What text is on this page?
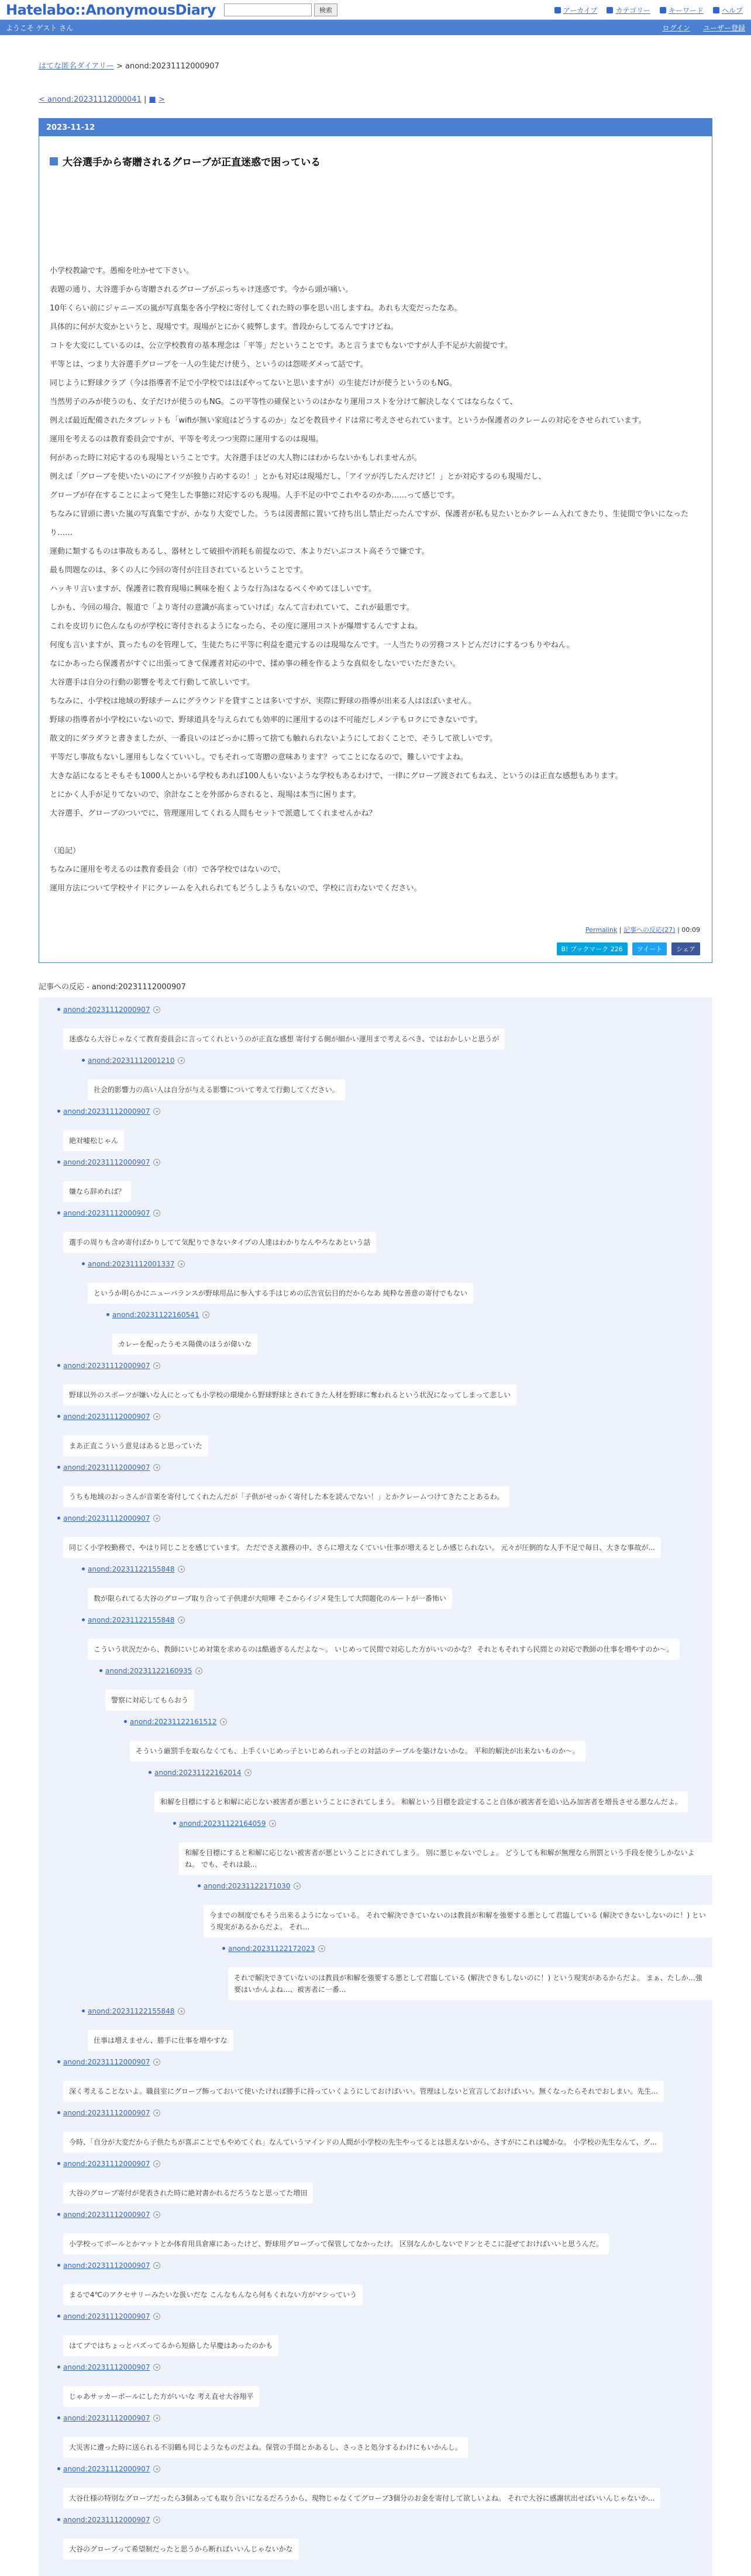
Hatelabo::AnonymousDiary	検索	アーカイブ	カテゴリー	キーワード	ヘルプ
ようこそ ゲスト さん	ログイン ユーザー登録
はてな匿名ダイアリー > anond:20231112000907
< anond:20231112000041 | ■ >
2023-11-12
大谷選手から寄贈されるグローブが正直迷惑で困っている

小学校教諭です。愚痴を吐かせて下さい。

表題の通り、大谷選手から寄贈されるグローブがぶっちゃけ迷惑です。今から頭が痛い。

10年くらい前にジャニーズの嵐が写真集を各小学校に寄付してくれた時の事を思い出しますね。あれも大変だったなあ。

具体的に何が大変かというと、現場です。現場がとにかく疲弊します。普段からしてるんですけどね。

コトを大変にしているのは、公立学校教育の基本理念は「平等」だということです。あと言うまでもないですが人手不足が大前提です。

平等とは、つまり大谷選手グローブを一人の生徒だけ使う、というのは怨嗟ダメって話です。

同じように野球クラブ（今は指導者不足で小学校ではほぼやってないと思いますが）の生徒だけが使うというのもNG。

当然男子のみが使うのも、女子だけが使うのもNG。この平等性の確保というのはかなり運用コストを分けて解決しなくてはならなくて、

例えば最近配備されたタブレットも「wifiが無い家庭はどうするのか」などを教員サイドは常に考えさせられています。というか保護者のクレームの対応をさせられています。

運用を考えるのは教育委員会ですが、平等を考えつつ実際に運用するのは現場。

何があった時に対応するのも現場ということです。大谷選手ほどの大人物にはわからないかもしれませんが。

例えば「グローブを使いたいのにアイツが独り占めするの！」とかも対応は現場だし、「アイツが汚したんだけど！」とか対応するのも現場だし、

グローブが存在することによって発生した事態に対応するのも現場。人手不足の中でこれやるのかあ……って感じです。

ちなみに冒頭に書いた嵐の写真集ですが、かなり大変でした。うちは図書館に置いて持ち出し禁止だったんですが、保護者が私も見たいとかクレーム入れてきたり、生徒間で争いになったり……

運動に類するものは事故もあるし、器材として破損や消耗も前提なので、本よりだいぶコスト高そうで嫌です。

最も問題なのは、多くの人に今回の寄付が注目されているということです。

ハッキリ言いますが、保護者に教育現場に興味を抱くような行為はなるべくやめてほしいです。

しかも、今回の場合、報道で「より寄付の意識が高まっていけば」なんて言われていて、これが最悪です。

これを皮切りに色んなものが学校に寄付されるようになったら、その度に運用コストが爆増するんですよね。

何度も言いますが、貰ったものを管理して、生徒たちに平等に利益を還元するのは現場なんです。一人当たりの労務コストどんだけにするつもりやねん。

なにかあったら保護者がすぐに出張ってきて保護者対応の中で、揉め事の種を作るような真似をしないでいただきたい。

大谷選手は自分の行動の影響を考えて行動して欲しいです。

ちなみに、小学校は地域の野球チームにグラウンドを貸すことは多いですが、実際に野球の指導が出来る人はほぼいません。

野球の指導者が小学校にいないので、野球道具を与えられても効率的に運用するのは不可能だしメンテもロクにできないです。

散文的にダラダラと書きましたが、一番良いのはどっかに勝って捨ても触れられないようにしておくことで、そうして欲しいです。

平等だし事故もないし運用もしなくていいし。でもそれって寄贈の意味あります？ってことになるので、難しいですよね。

大きな話になるとそもそも1000人とかいる学校もあれば100人もいないような学校もあるわけで、一律にグローブ渡されてもねえ、というのは正直な感想もあります。

とにかく人手が足りてないので、余計なことを外部からされると、現場は本当に困ります。

大谷選手、グローブのついでに、管理運用してくれる人間もセットで派遣してくれませんかね？

（追記）

ちなみに運用を考えるのは教育委員会（市）で各学校ではないので、

運用方法について学校サイドにクレームを入れられてもどうしようもないので、学校に言わないでください。

Permalink | 記事への反応(27) | 00:09
B! ブックマーク 226	ツイート	シェア
記事への反応 - anond:20231112000907
anond:20231112000907	▾

迷惑なら大谷じゃなくて教育委員会に言ってくれというのが正直な感想 寄付する側が細かい運用まで考えるべき、ではおかしいと思うが
anond:20231112001210	▾

社会的影響力の高い人は自分が与える影響について考えて行動してください。
anond:20231112000907	▾

絶対嘘松じゃん
anond:20231112000907	▾

嫌なら辞めれば？
anond:20231112000907	▾

選手の周りも含め寄付ばかりしてて気配りできないタイプの人達はわかりなんやろなあという話
anond:20231112001337	▾

というか明らかにニューバランスが野球用品に参入する手はじめの広告宣伝目的だからなあ 純粋な善意の寄付でもない
anond:20231122160541	▾

カレーを配ったうモス陽僕のほうが偉いな
anond:20231112000907	▾

野球以外のスポーツが嫌いな人にとっても小学校の環境から野球野球とされてきた人材を野球に奪われるという状況になってしまって悲しい
anond:20231112000907	▾

まあ正直こういう意見はあると思っていた
anond:20231112000907	▾

うちも地域のおっさんが音楽を寄付してくれたんだが「子供がせっかく寄付した本を読んでない！」とかクレームつけてきたことあるわ。
anond:20231112000907	▾

同じく小学校勤務で、やはり同じことを感じています。 ただでさえ激務の中、さらに増えなくていい仕事が増えるとしか感じられない。 元々が圧倒的な人手不足で毎日、大きな事故が...
anond:20231122155848	▾

数が限られてる大谷のグローブ取り合って子供達が大喧嘩 そこからイジメ発生して大問題化のルートが一番怖い
anond:20231122155848	▾

こういう状況だから、教師にいじめ対策を求めるのは酷過ぎるんだよな～。 いじめって民間で対応した方がいいのかな？ それともそれすら民間との対応で教師の仕事を増やすのか～。
anond:20231122160935	▾

警察に対応してもらおう
anond:20231122161512	▾

そういう厳罰手を取らなくても、上手くいじめっ子といじめられっ子との対話のテーブルを築けないかな。 平和的解決が出来ないものか～。
anond:20231122162014	▾

和解を目標にすると和解に応じない被害者が悪ということにされてしまう。 和解という目標を設定すること自体が被害者を追い込み加害者を増長させる悪なんだよ。
anond:20231122164059	▾

和解を目標にすると和解に応じない被害者が悪ということにされてしまう。 別に悪じゃないでしょ。 どうしても和解が無理なら刑罰という手段を使うしかないよね。 でも、それは最...
anond:20231122171030	▾

今までの制度でもそう出来るようになっている。 それで解決できていないのは教員が和解を強要する悪として君臨している (解決できないしないのに！) という現実があるからだよ。 それ...
anond:20231122172023	▾

それで解決できていないのは教員が和解を強要する悪として君臨している (解決できもしないのに！) という現実があるからだよ。 まぁ、たしか…強要はいかんよね…、被害者に一番...
anond:20231122155848	▾

仕事は増えません、勝手に仕事を増やすな
anond:20231112000907	▾

深く考えることないよ。職員室にグローブ飾っておいて使いたければ勝手に持っていくようにしておけばいい。管理はしないと宣言しておけばいい。無くなったらそれでおしまい。先生...
anond:20231112000907	▾

今時、「自分が大変だから子供たちが喜ぶことでもやめてくれ」なんていうマインドの人間が小学校の先生やってるとは思えないから、さすがにこれは嘘かな。 小学校の先生なんて、グ...
anond:20231112000907	▾

大谷のグローブ寄付が発表された時に絶対書かれるだろうなと思ってた増田
anond:20231112000907	▾

小学校ってボールとかマットとか体育用具倉庫にあったけど、野球用グローブって保管してなかったけ。 区別なんかしないでドンとそこに混ぜておけばいいと思うんだ。
anond:20231112000907	▾

まるで4℃のアクセサリーみたいな扱いだな こんなもんなら何もくれない方がマシっていう
anond:20231112000907	▾

はてブではちょっとバズってるから短絡した早慶はあったのかも
anond:20231112000907	▾

じゃあサッカーボールにした方がいいな 考え直せ大谷翔平
anond:20231112000907	▾

大災害に遭った時に送られる不羽鶴も同じようなものだよね。保管の手間とかあるし、さっさと処分するわけにもいかんし。
anond:20231112000907	▾

大谷仕様の特別なグローブだったら3個あっても取り合いになるだろうから、現物じゃなくてグローブ3個分のお金を寄付して欲しいよね。 それで大谷に感謝状出せばいいんじゃないか...
anond:20231112000907	▾

大谷のグローブって希望制だったと思うから断ればいいんじゃないかな
